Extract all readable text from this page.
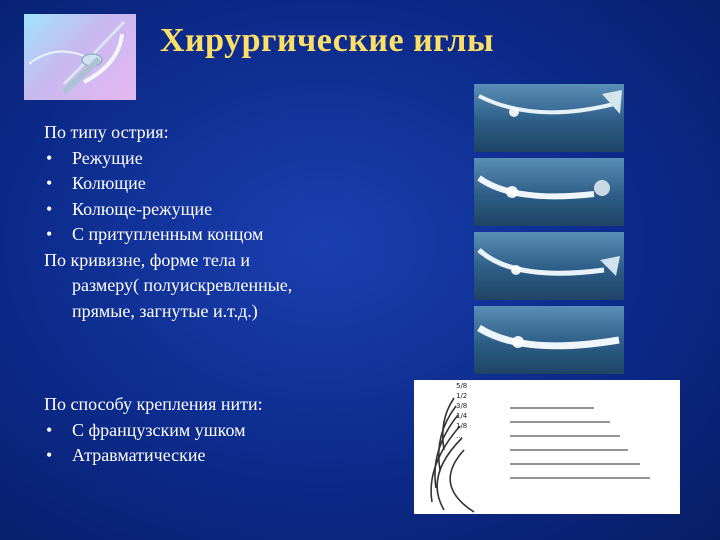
Хирургические иглы
По типу острия:
• Режущие
• Колющие
• Колюще-режущие
• С притупленным концом
По кривизне, форме тела и
размеру( полуискревленные,
прямые, загнутые и.т.д.)
По способу крепления нити:
• С французским ушком
• Атравматические
5/8
1/2
3/8
1/4
1/8
...
